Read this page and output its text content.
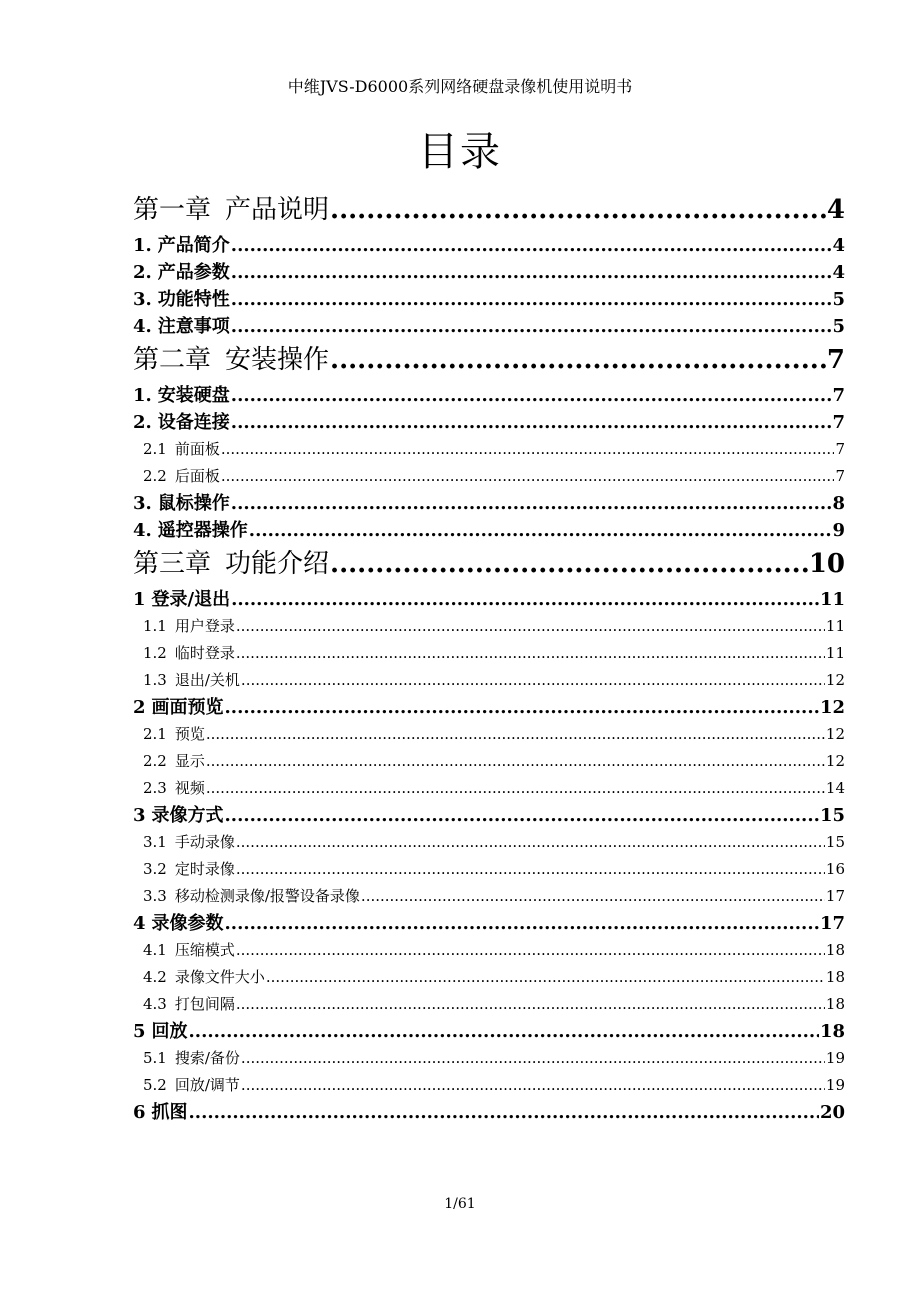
中维JVS-D6000系列网络硬盘录像机使用说明书
目录
第一章 产品说明 .....	4
1. 产品简介 .....	4
2. 产品参数 .....	4
3. 功能特性 .....	5
4. 注意事项 .....	5
第二章 安装操作 .....	7
1. 安装硬盘 .....	7
2. 设备连接 .....	7
2.1 前面板 .....	7
2.2 后面板 .....	7
3. 鼠标操作 .....	8
4. 遥控器操作 .....	9
第三章 功能介绍 .....	10
1 登录/退出 .....	11
1.1 用户登录 .....	11
1.2 临时登录 .....	11
1.3 退出/关机 .....	12
2 画面预览 .....	12
2.1 预览 .....	12
2.2 显示 .....	12
2.3 视频 .....	14
3 录像方式 .....	15
3.1 手动录像 .....	15
3.2 定时录像 .....	16
3.3 移动检测录像/报警设备录像 .....	17
4 录像参数 .....	17
4.1 压缩模式 .....	18
4.2 录像文件大小 .....	18
4.3 打包间隔 .....	18
5 回放 .....	18
5.1 搜索/备份 .....	19
5.2 回放/调节 .....	19
6 抓图 .....	20
1/61
